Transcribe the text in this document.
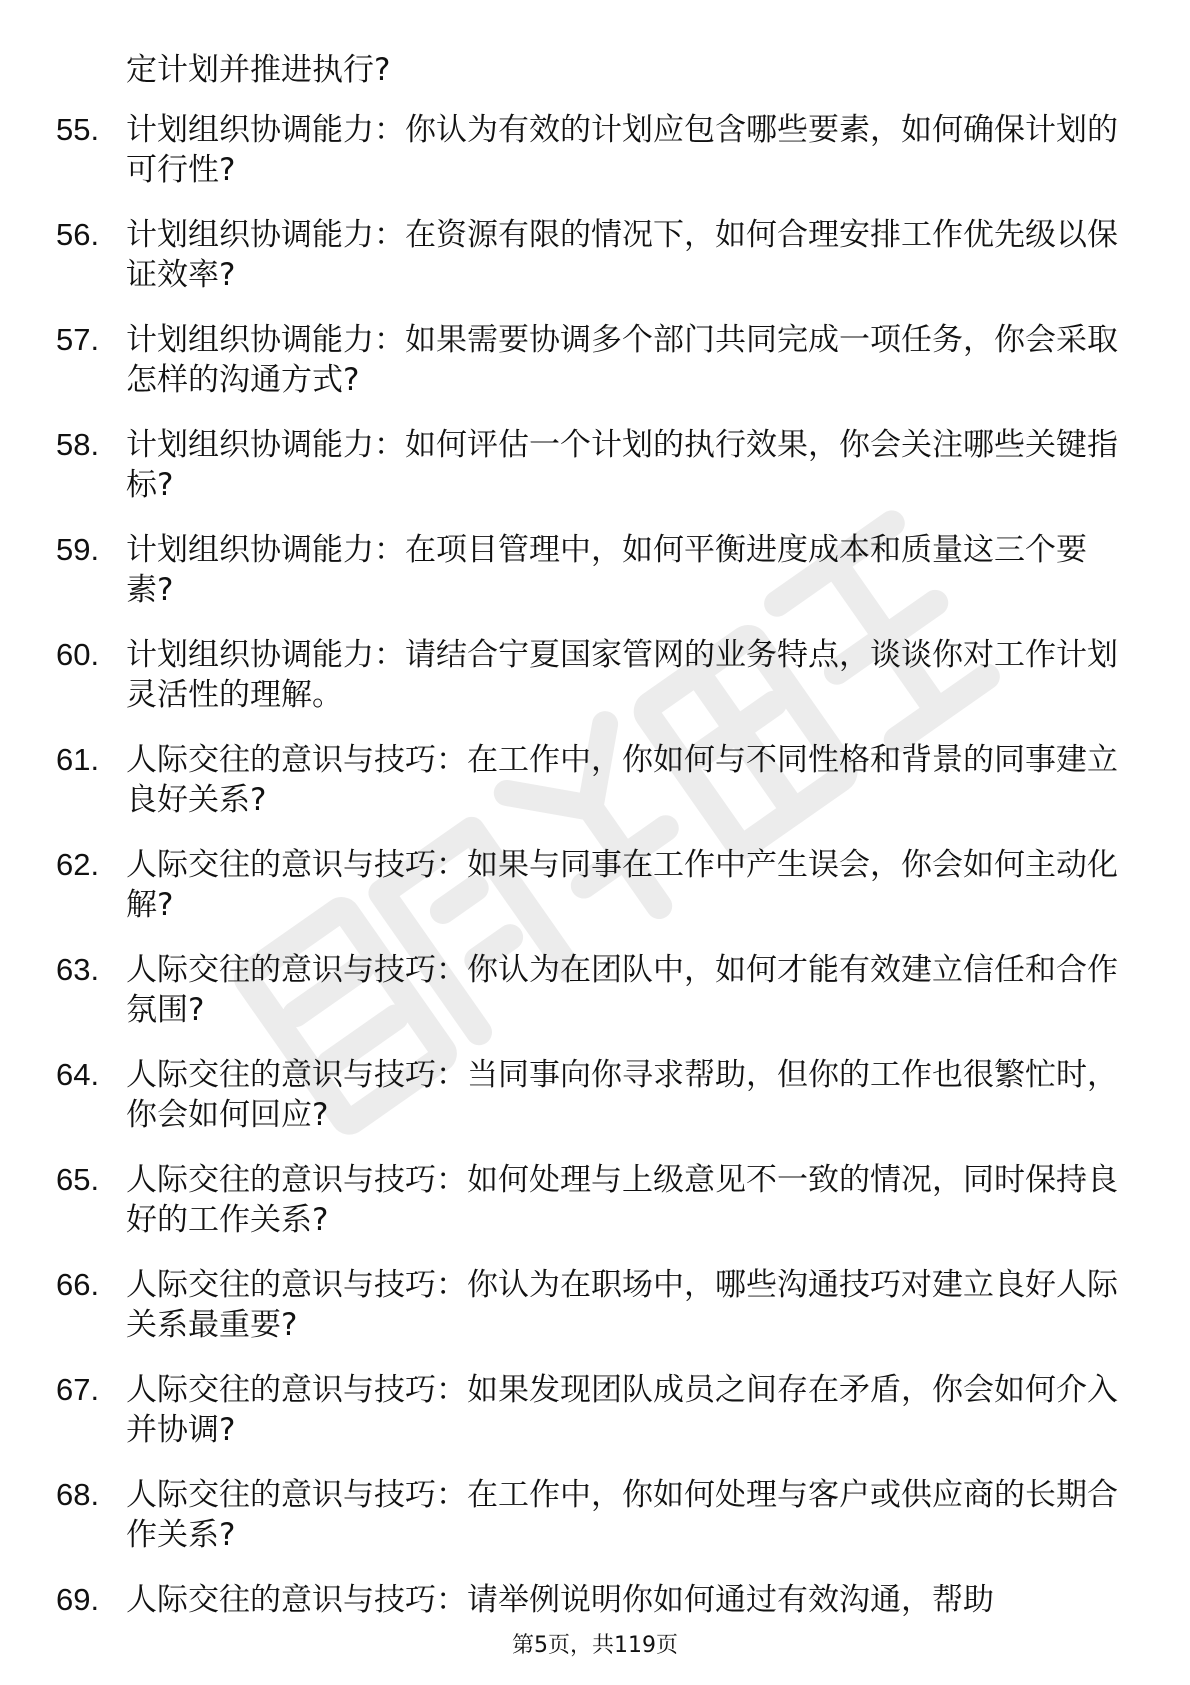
定计划并推进执行?
55. 计划组织协调能力：你认为有效的计划应包含哪些要素，如何确保计划的可行性?
56. 计划组织协调能力：在资源有限的情况下，如何合理安排工作优先级以保证效率?
57. 计划组织协调能力：如果需要协调多个部门共同完成一项任务，你会采取怎样的沟通方式?
58. 计划组织协调能力：如何评估一个计划的执行效果，你会关注哪些关键指标?
59. 计划组织协调能力：在项目管理中，如何平衡进度成本和质量这三个要素?
60. 计划组织协调能力：请结合宁夏国家管网的业务特点，谈谈你对工作计划灵活性的理解。
61. 人际交往的意识与技巧：在工作中，你如何与不同性格和背景的同事建立良好关系?
62. 人际交往的意识与技巧：如果与同事在工作中产生误会，你会如何主动化解?
63. 人际交往的意识与技巧：你认为在团队中，如何才能有效建立信任和合作氛围?
64. 人际交往的意识与技巧：当同事向你寻求帮助，但你的工作也很繁忙时，你会如何回应?
65. 人际交往的意识与技巧：如何处理与上级意见不一致的情况，同时保持良好的工作关系?
66. 人际交往的意识与技巧：你认为在职场中，哪些沟通技巧对建立良好人际关系最重要?
67. 人际交往的意识与技巧：如果发现团队成员之间存在矛盾，你会如何介入并协调?
68. 人际交往的意识与技巧：在工作中，你如何处理与客户或供应商的长期合作关系?
69. 人际交往的意识与技巧：请举例说明你如何通过有效沟通，帮助
第5页，共119页
